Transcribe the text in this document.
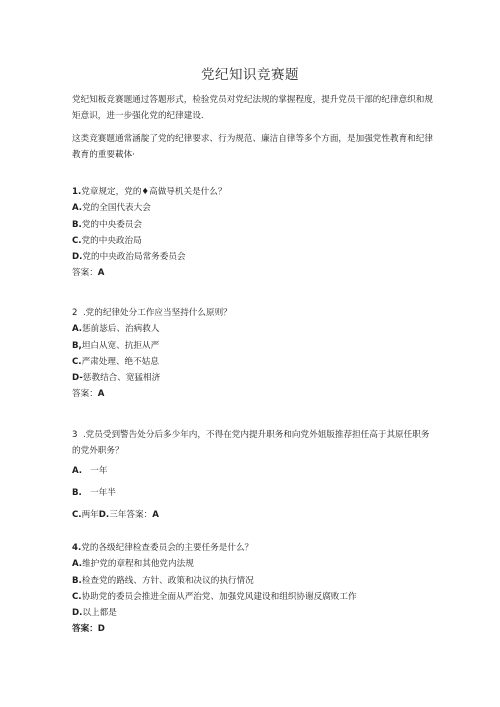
党纪知识竞赛题
党纪知板竞赛题通过答题形式，检验党员对党纪法规的掌握程度，提升党员干部的纪律意织和规矩意识，进一步强化党的纪律建设.
这类竞赛题通常涵靛了党的纪律要求、行为规范、廉洁自律等多个方面，是加强党性教育和纪律教育的重要載体·
1.党章规定，党的♦高做导机关是什么？
A.党的全国代表大会
B.党的中央委员会
C.党的中央政治局
D.党的中央政治局常务委员会
答案：A
2 .党的纪律处分工作应当坚持什么原则？
A.惩前毖后、治病救人
B,坦白从宽、抗拒从严
C.严肃处理、绝不姑息
D-惩教结合、宽猛相济
答案：A
3 .党员受到警告处分后多少年内，不得在党内提升职务和向党外姐版推荐担任高于其原任职务的党外职务？
A. 一年
B. 一年半
C.两年D.三年答案：A
4.党的各级纪律检查委员会的主要任务是什么？
A.维护党的章程和其他党内法规
B.检查党的路线、方针、政策和决议的执行情况
C.协助党的委员会推进全面从严治党、加强党风建设和组织协谢反腐败工作
D.以上都是
答案：D
